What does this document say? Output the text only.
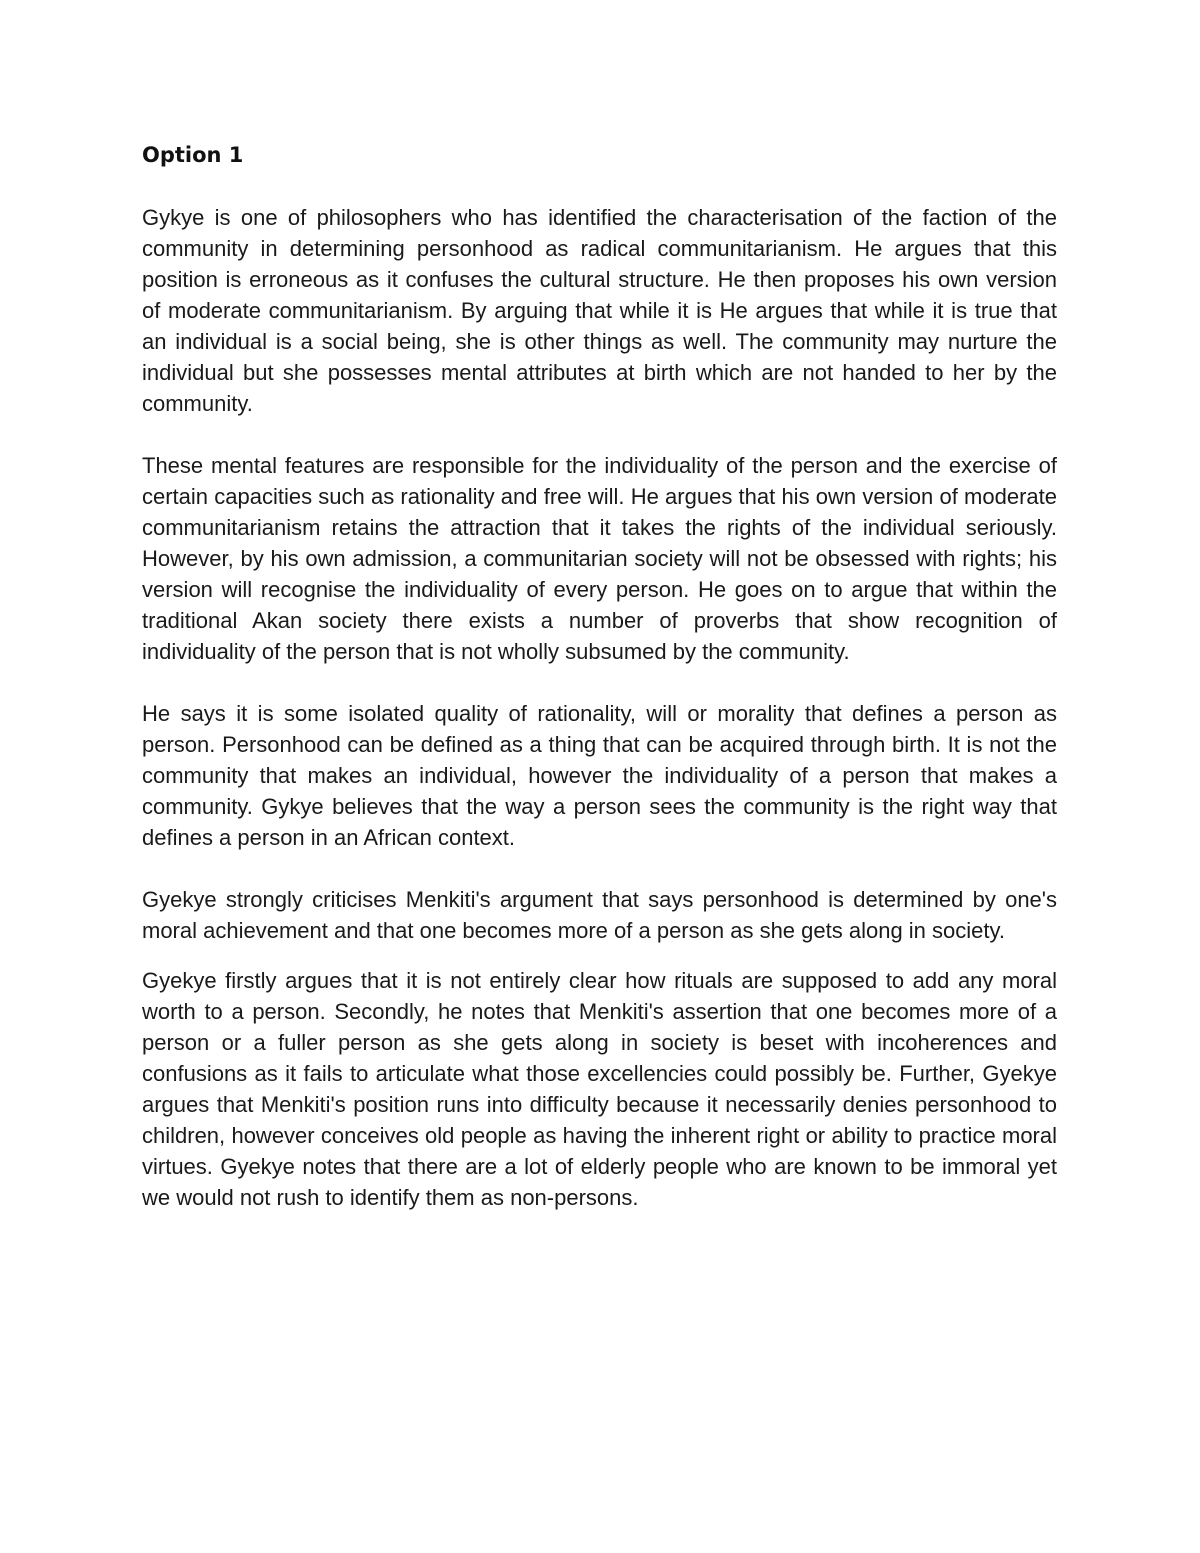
Option 1

Gykye is one of philosophers who has identified the characterisation of the faction of the community in determining personhood as radical communitarianism. He argues that this position is erroneous as it confuses the cultural structure. He then proposes his own version of moderate communitarianism. By arguing that while it is He argues that while it is true that an individual is a social being, she is other things as well. The community may nurture the individual but she possesses mental attributes at birth which are not handed to her by the community.

These mental features are responsible for the individuality of the person and the exercise of certain capacities such as rationality and free will. He argues that his own version of moderate communitarianism retains the attraction that it takes the rights of the individual seriously. However, by his own admission, a communitarian society will not be obsessed with rights; his version will recognise the individuality of every person. He goes on to argue that within the traditional Akan society there exists a number of proverbs that show recognition of individuality of the person that is not wholly subsumed by the community.

He says it is some isolated quality of rationality, will or morality that defines a person as person. Personhood can be defined as a thing that can be acquired through birth. It is not the community that makes an individual, however the individuality of a person that makes a community. Gykye believes that the way a person sees the community is the right way that defines a person in an African context.

Gyekye strongly criticises Menkiti's argument that says personhood is determined by one's moral achievement and that one becomes more of a person as she gets along in society.

Gyekye firstly argues that it is not entirely clear how rituals are supposed to add any moral worth to a person. Secondly, he notes that Menkiti's assertion that one becomes more of a person or a fuller person as she gets along in society is beset with incoherences and confusions as it fails to articulate what those excellencies could possibly be. Further, Gyekye argues that Menkiti's position runs into difficulty because it necessarily denies personhood to children, however conceives old people as having the inherent right or ability to practice moral virtues. Gyekye notes that there are a lot of elderly people who are known to be immoral yet we would not rush to identify them as non-persons.
